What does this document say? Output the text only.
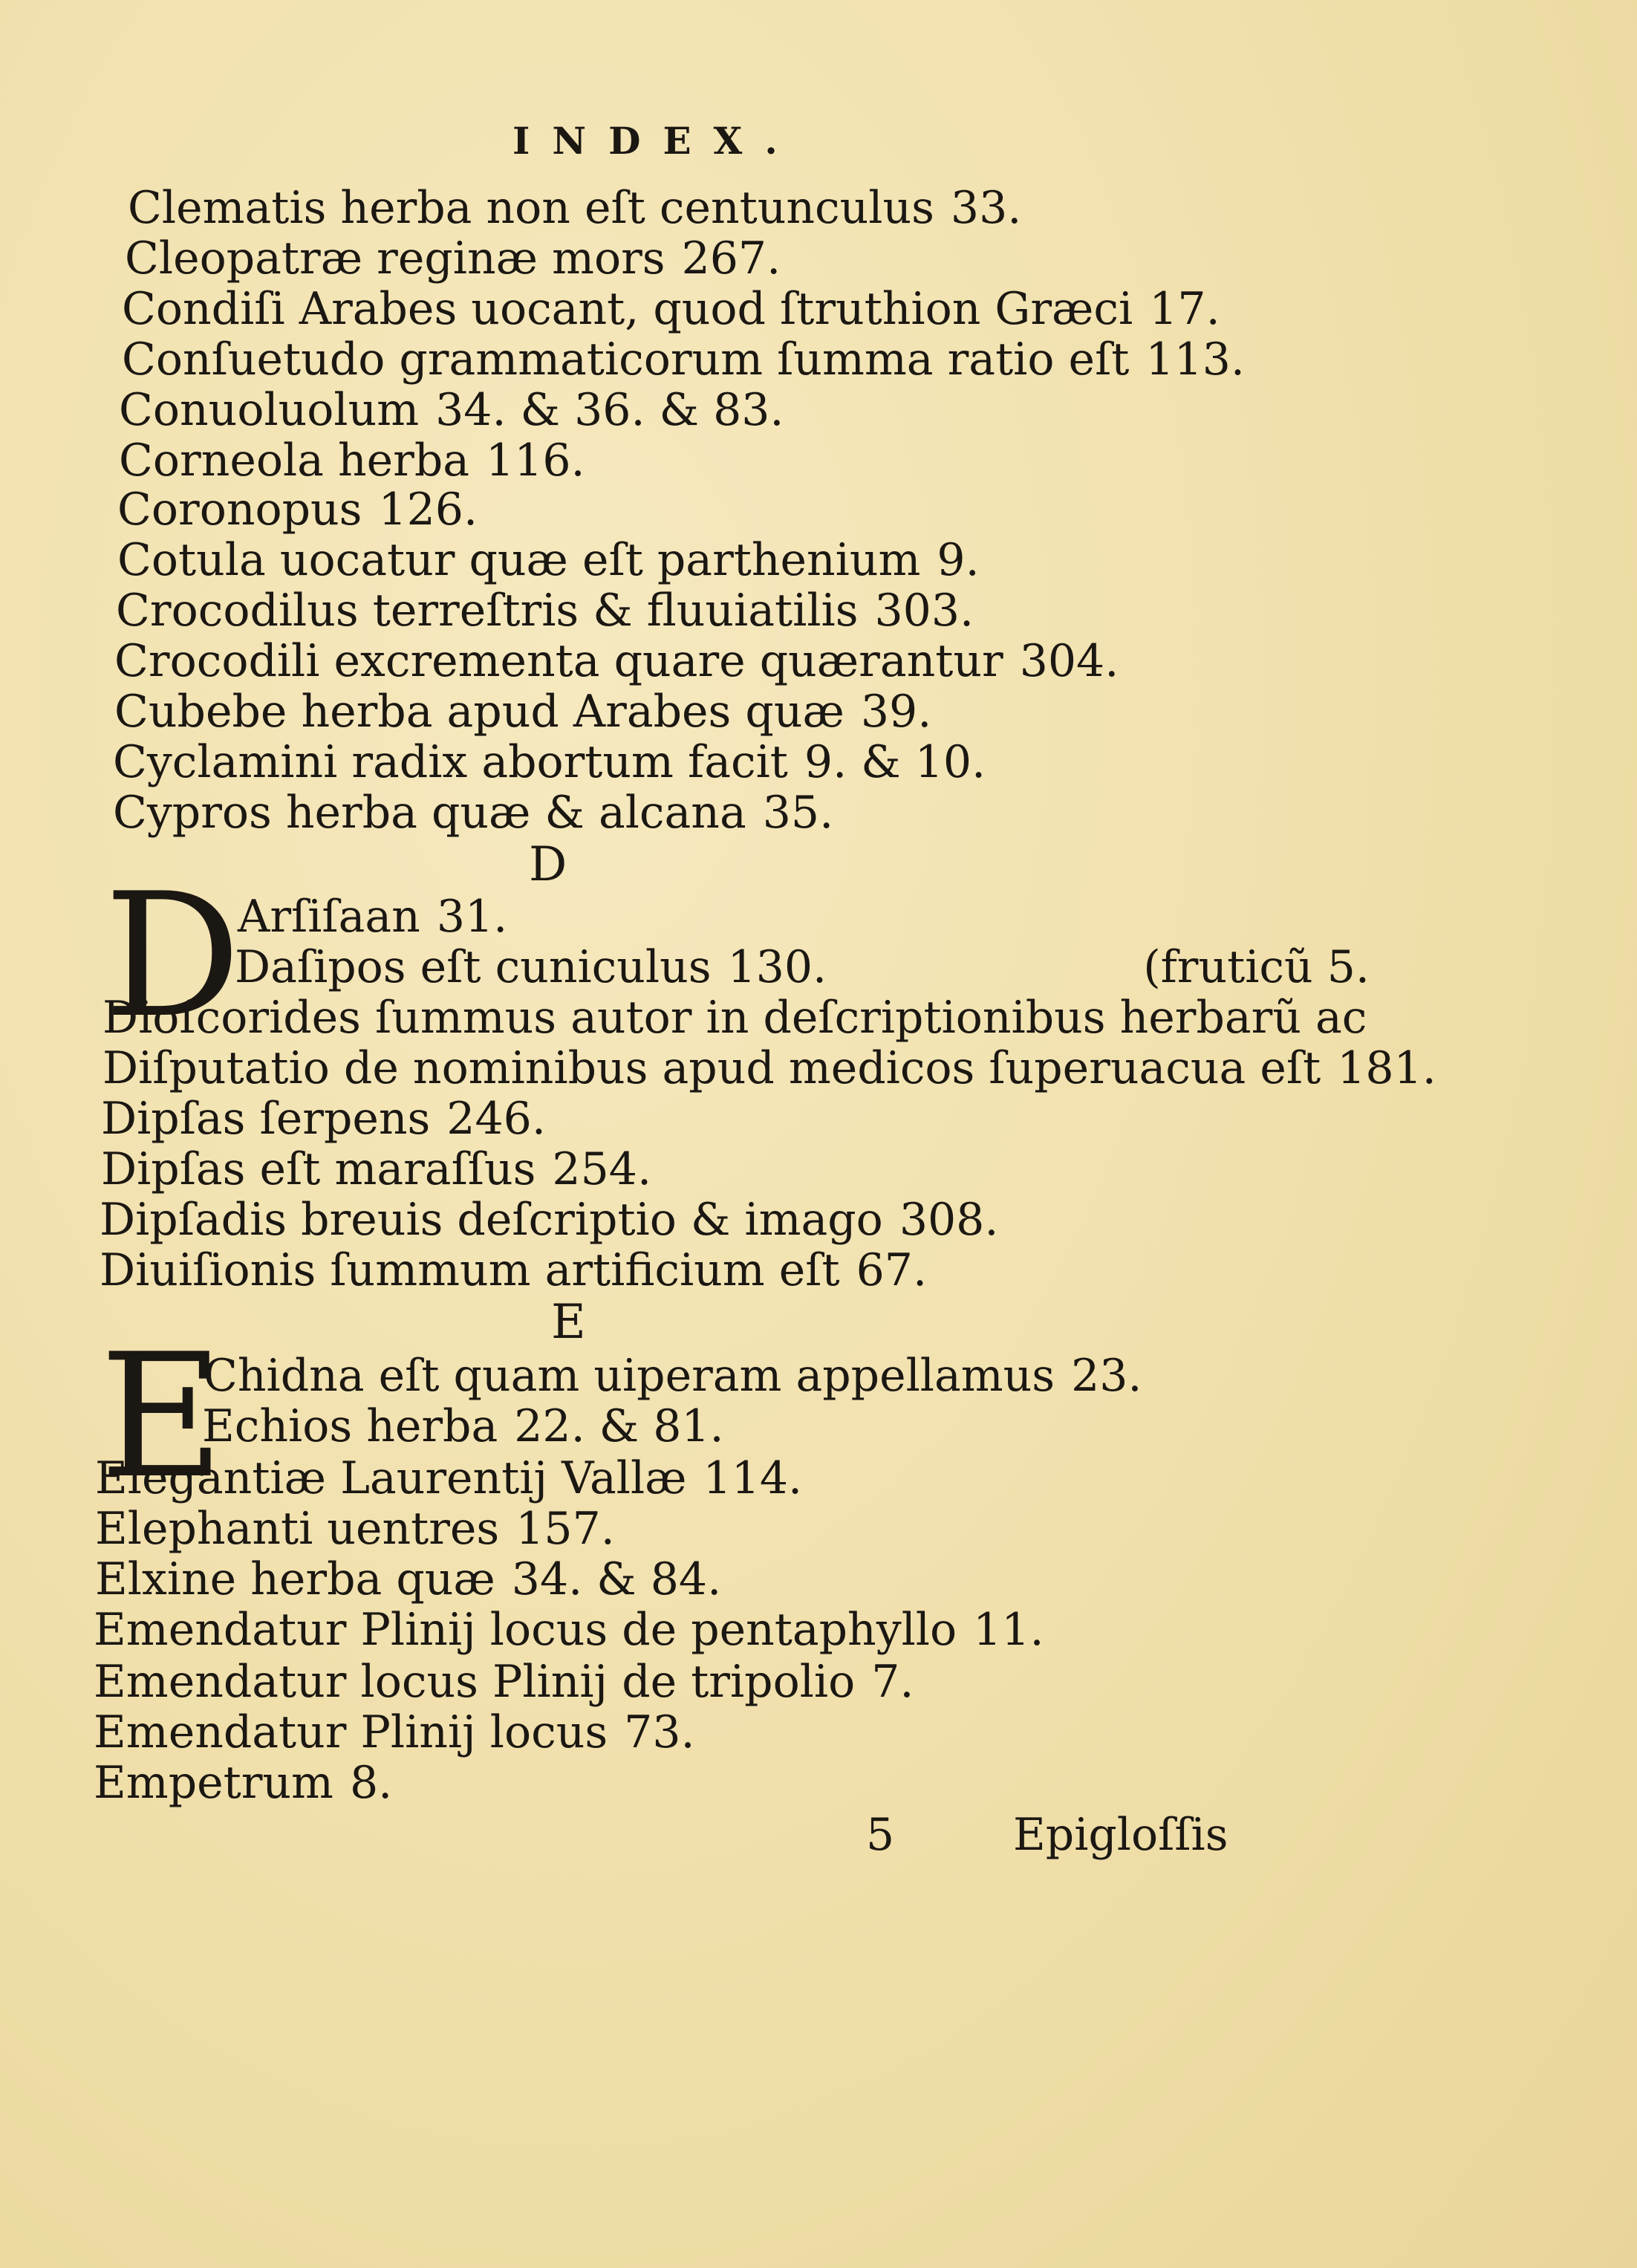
INDEX.
Clematis herba non eſt centunculus 33.
Cleopatræ reginæ mors 267.
Condiſi Arabes uocant, quod ſtruthion Græci 17.
Conſuetudo grammaticorum ſumma ratio eſt 113.
Conuoluolum 34. & 36. & 83.
Corneola herba 116.
Coronopus 126.
Cotula uocatur quæ eſt parthenium 9.
Crocodilus terreſtris & fluuiatilis 303.
Crocodili excrementa quare quærantur 304.
Cubebe herba apud Arabes quæ 39.
Cyclamini radix abortum facit 9. & 10.
Cypros herba quæ & alcana 35.
D
D
Arſiſaan 31.
Daſipos eſt cuniculus 130.	(fruticũ 5.
Dioſcorides ſummus autor in deſcriptionibus herbarũ ac
Diſputatio de nominibus apud medicos ſuperuacua eſt 181.
Dipſas ſerpens 246.
Dipſas eſt maraſſus 254.
Dipſadis breuis deſcriptio & imago 308.
Diuiſionis ſummum artificium eſt 67.
E
E
Chidna eſt quam uiperam appellamus 23.
Echios herba 22. & 81.
Elegantiæ Laurentij Vallæ 114.
Elephanti uentres 157.
Elxine herba quæ 34. & 84.
Emendatur Plinij locus de pentaphyllo 11.
Emendatur locus Plinij de tripolio 7.
Emendatur Plinij locus 73.
Empetrum 8.
5	Epigloſſis
